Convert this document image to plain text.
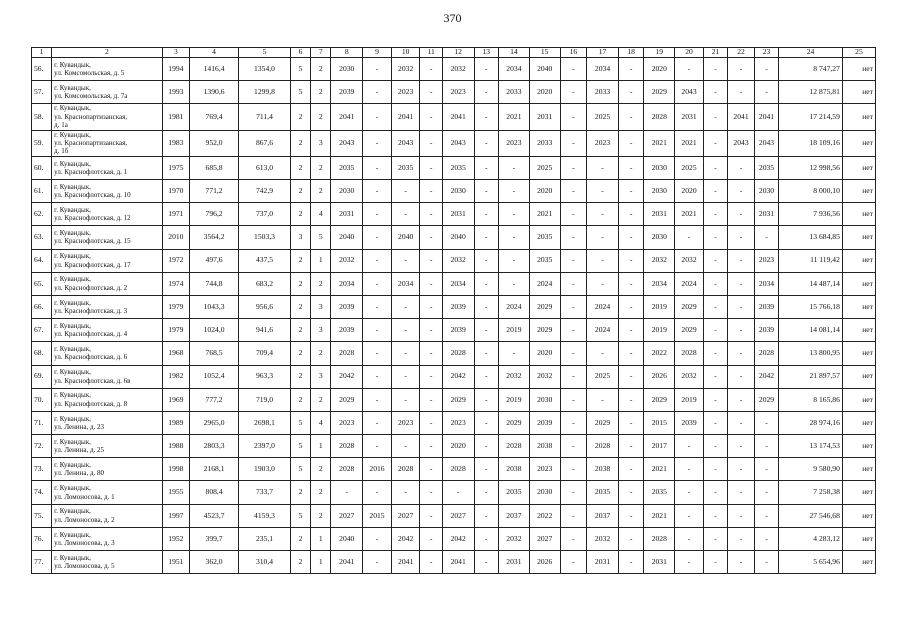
370
1	2	3	4	5	6	7	8	9	10	11	12	13	14	15	16	17	18	19	20	21	22	23	24	25
56.	г. Кувандык,
ул. Комсомольская, д. 5	1994	1416,4	1354,0	5	2	2030	-	2032	-	2032	-	2034	2040	-	2034	-	2020	-	-	-	-	8 747,27	нет
57.	г. Кувандык,
ул. Комсомольская, д. 7а	1993	1390,6	1299,8	5	2	2039	-	2023	-	2023	-	2033	2020	-	2033	-	2029	2043	-	-	-	12 875,81	нет
58.	г. Кувандык,
ул. Краснопартизанская,
д. 1а	1981	769,4	711,4	2	2	2041	-	2041	-	2041	-	2021	2031	-	2025	-	2028	2031	-	2041	2041	17 214,59	нет
59.	г. Кувандык,
ул. Краснопартизанская,
д. 1б	1983	952,0	867,6	2	3	2043	-	2043	-	2043	-	2023	2033	-	2023	-	2021	2021	-	2043	2043	18 109,16	нет
60.	г. Кувандык,
ул. Краснофлотская, д. 1	1975	685,8	613,0	2	2	2035	-	2035	-	2035	-	-	2025	-	-	-	2030	2025	-	-	2035	12 998,56	нет
61.	г. Кувандык,
ул. Краснофлотская, д. 10	1970	771,2	742,9	2	2	2030	-	-	-	2030	-	-	2020	-	-	-	2030	2020	-	-	2030	8 000,10	нет
62.	г. Кувандык,
ул. Краснофлотская, д. 12	1971	796,2	737,0	2	4	2031	-	-	-	2031	-	-	2021	-	-	-	2031	2021	-	-	2031	7 936,56	нет
63.	г. Кувандык,
ул. Краснофлотская, д. 15	2010	3564,2	1503,3	3	5	2040	-	2040	-	2040	-	-	2035	-	-	-	2030	-	-	-	-	13 684,85	нет
64.	г. Кувандык,
ул. Краснофлотская, д. 17	1972	497,6	437,5	2	1	2032	-	-	-	2032	-	-	2035	-	-	-	2032	2032	-	-	2023	11 119,42	нет
65.	г. Кувандык,
ул. Краснофлотская, д. 2	1974	744,8	683,2	2	2	2034	-	2034	-	2034	-	-	2024	-	-	-	2034	2024	-	-	2034	14 487,14	нет
66.	г. Кувандык,
ул. Краснофлотская, д. 3	1979	1043,3	956,6	2	3	2039	-	-	-	2039	-	2024	2029	-	2024	-	2019	2029	-	-	2039	15 766,18	нет
67.	г. Кувандык,
ул. Краснофлотская, д. 4	1979	1024,0	941,6	2	3	2039	-	-	-	2039	-	2019	2029	-	2024	-	2019	2029	-	-	2039	14 081,14	нет
68.	г. Кувандык,
ул. Краснофлотская, д. 6	1968	768,5	709,4	2	2	2028	-	-	-	2028	-	-	2020	-	-	-	2022	2028	-	-	2028	13 800,95	нет
69.	г. Кувандык,
ул. Краснофлотская, д. 6в	1982	1052,4	963,3	2	3	2042	-	-	-	2042	-	2032	2032	-	2025	-	2026	2032	-	-	2042	21 897,57	нет
70.	г. Кувандык,
ул. Краснофлотская, д. 8	1969	777,2	719,0	2	2	2029	-	-	-	2029	-	2019	2030	-	-	-	2029	2019	-	-	2029	8 165,86	нет
71.	г. Кувандык,
ул. Ленина, д. 23	1989	2965,0	2698,1	5	4	2023	-	2023	-	2023	-	2029	2039	-	2029	-	2015	2039	-	-	-	28 974,16	нет
72.	г. Кувандык,
ул. Ленина, д. 25	1988	2803,3	2397,0	5	1	2028	-	-	-	2020	-	2028	2038	-	2028	-	2017	-	-	-	-	13 174,53	нет
73.	г. Кувандык,
ул. Ленина, д. 80	1998	2168,1	1903,0	5	2	2028	2016	2028	-	2028	-	2038	2023	-	2038	-	2021	-	-	-	-	9 580,90	нет
74.	г. Кувандык,
ул. Ломоносова, д. 1	1955	808,4	733,7	2	2	-	-	-	-	-	-	2035	2030	-	2035	-	2035	-	-	-	-	7 258,38	нет
75.	г. Кувандык,
ул. Ломоносова, д. 2	1997	4523,7	4159,3	5	2	2027	2015	2027	-	2027	-	2037	2022	-	2037	-	2021	-	-	-	-	27 546,68	нет
76.	г. Кувандык,
ул. Ломоносова, д. 3	1952	399,7	235,1	2	1	2040	-	2042	-	2042	-	2032	2027	-	2032	-	2028	-	-	-	-	4 283,12	нет
77.	г. Кувандык,
ул. Ломоносова, д. 5	1951	362,0	310,4	2	1	2041	-	2041	-	2041	-	2031	2026	-	2031	-	2031	-	-	-	-	5 654,96	нет
